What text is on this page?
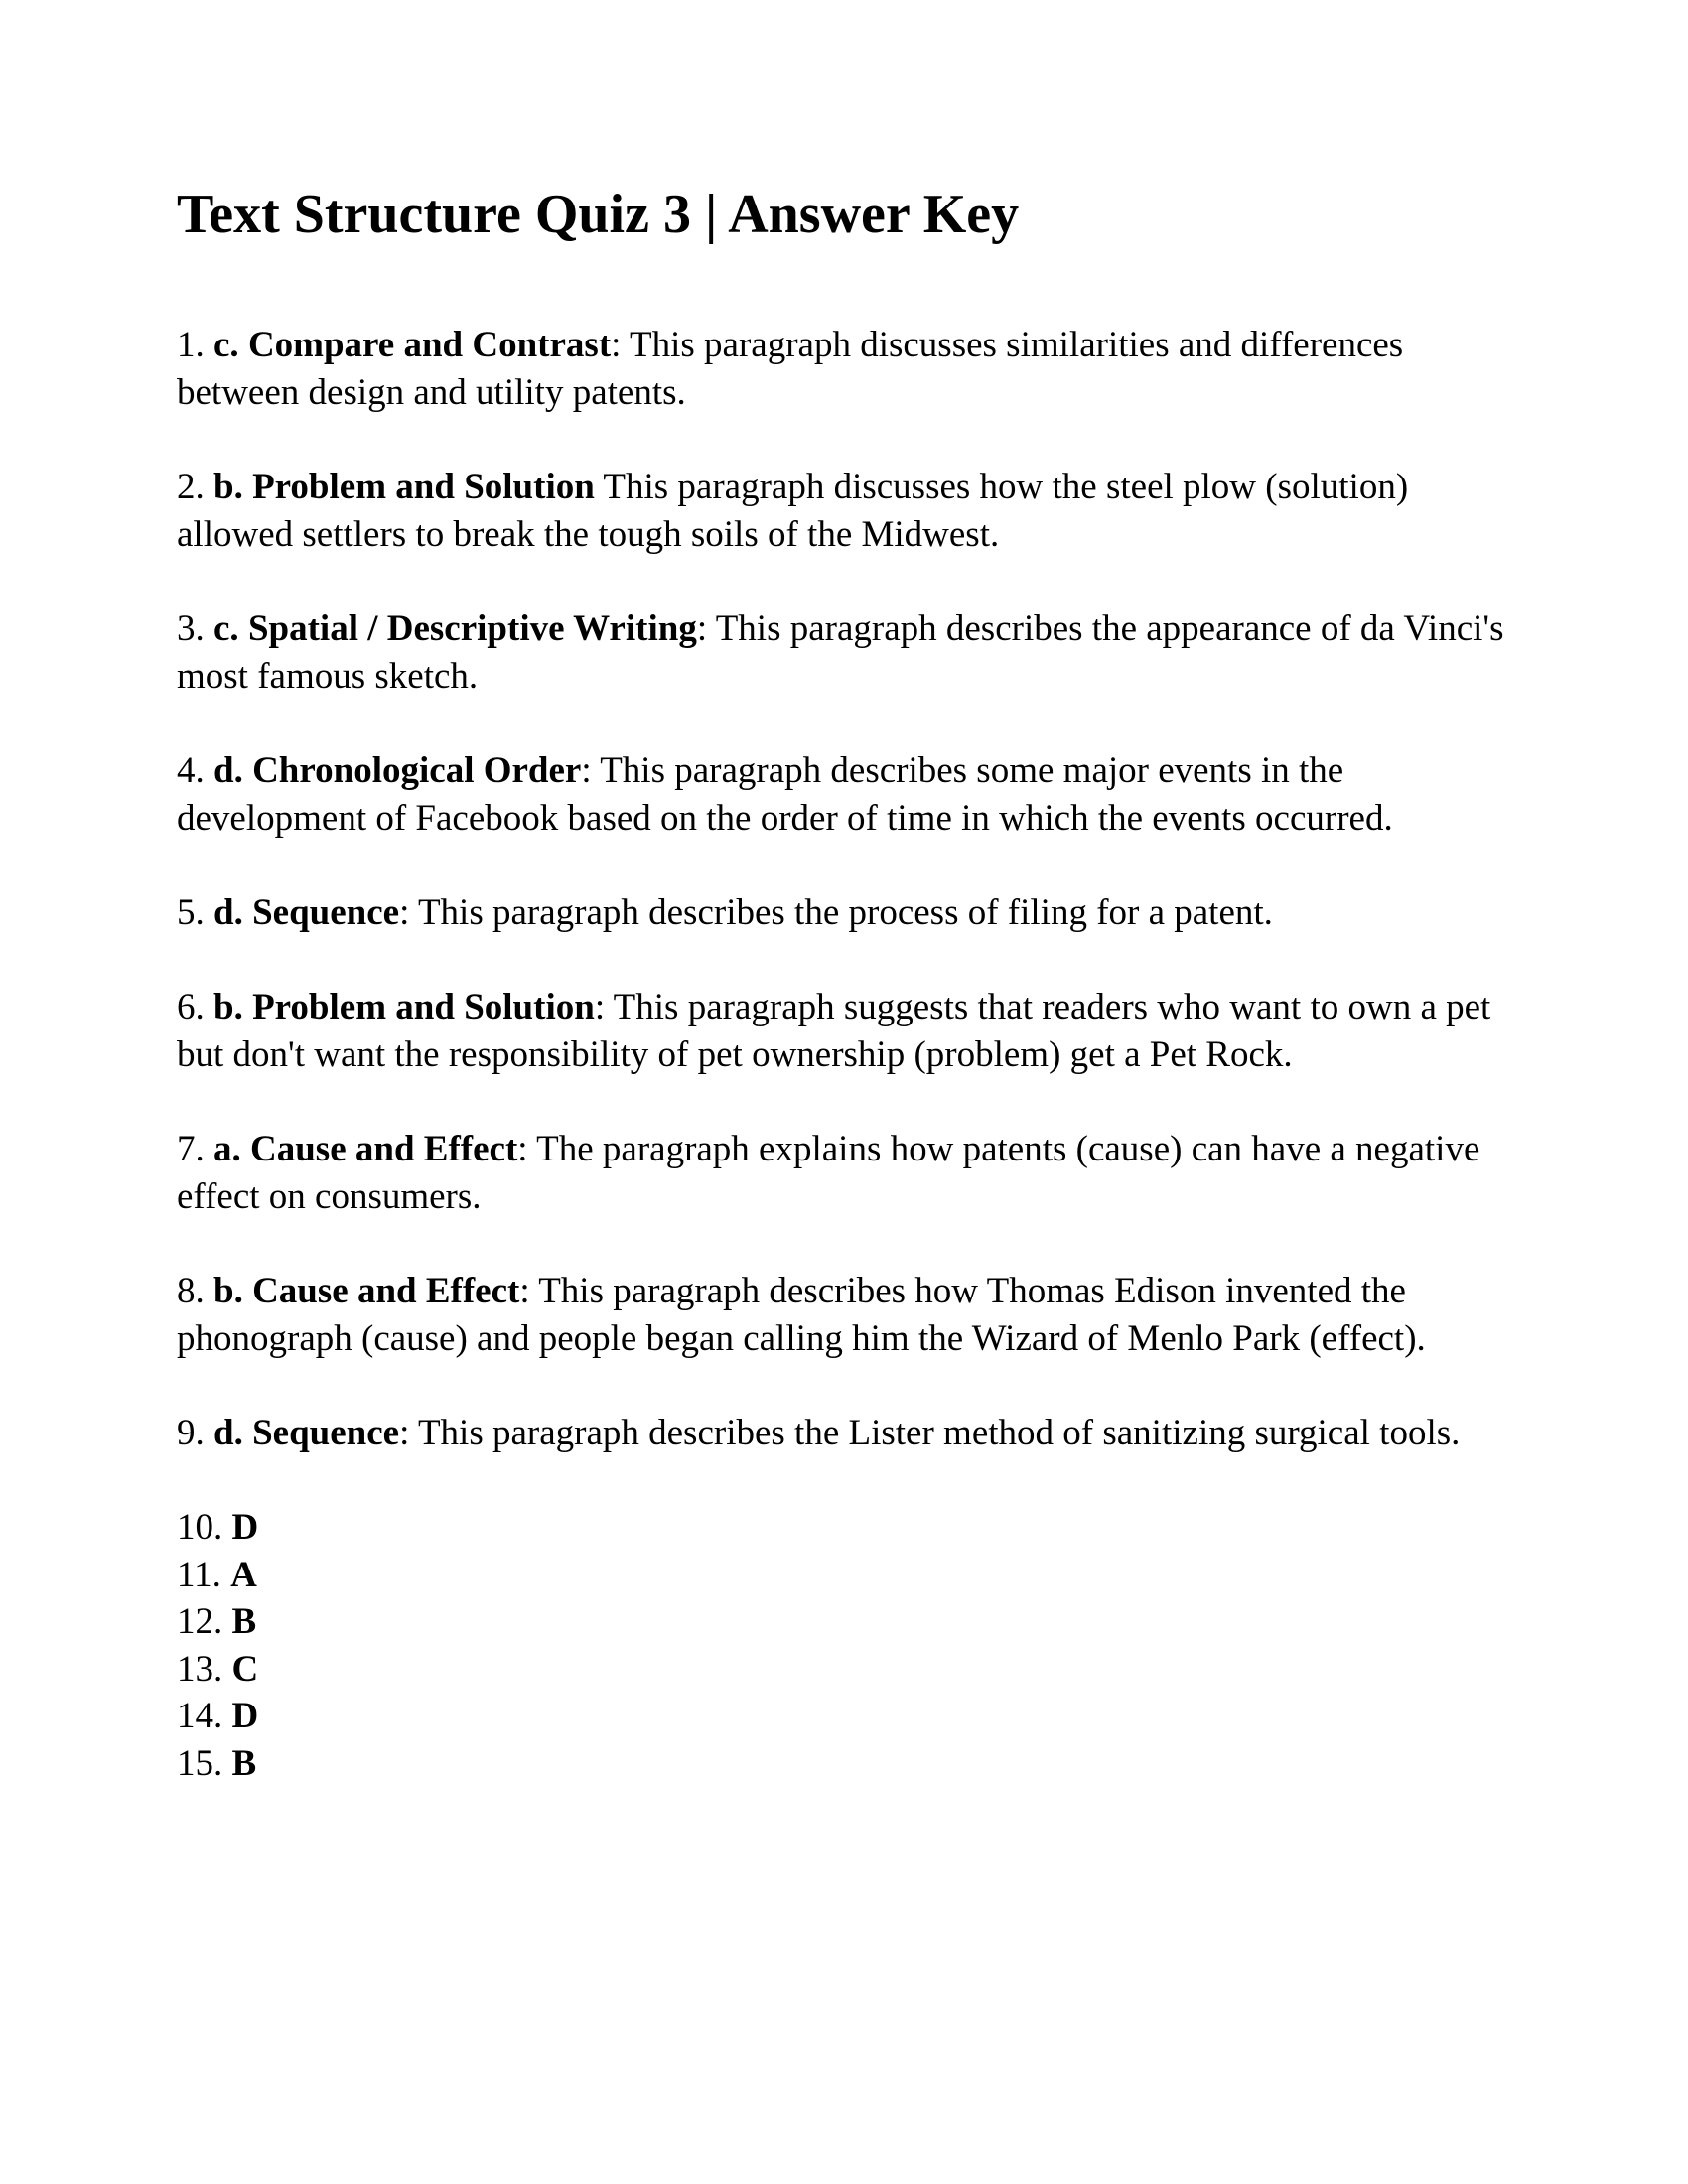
Text Structure Quiz 3 | Answer Key

1. c. Compare and Contrast: This paragraph discusses similarities and differences between design and utility patents.

2. b. Problem and Solution This paragraph discusses how the steel plow (solution) allowed settlers to break the tough soils of the Midwest.

3. c. Spatial / Descriptive Writing: This paragraph describes the appearance of da Vinci's most famous sketch.

4. d. Chronological Order: This paragraph describes some major events in the development of Facebook based on the order of time in which the events occurred.

5. d. Sequence: This paragraph describes the process of filing for a patent.

6. b. Problem and Solution: This paragraph suggests that readers who want to own a pet but don't want the responsibility of pet ownership (problem) get a Pet Rock.

7. a. Cause and Effect: The paragraph explains how patents (cause) can have a negative effect on consumers.

8. b. Cause and Effect: This paragraph describes how Thomas Edison invented the phonograph (cause) and people began calling him the Wizard of Menlo Park (effect).

9. d. Sequence: This paragraph describes the Lister method of sanitizing surgical tools.

10. D

11. A

12. B

13. C

14. D

15. B
